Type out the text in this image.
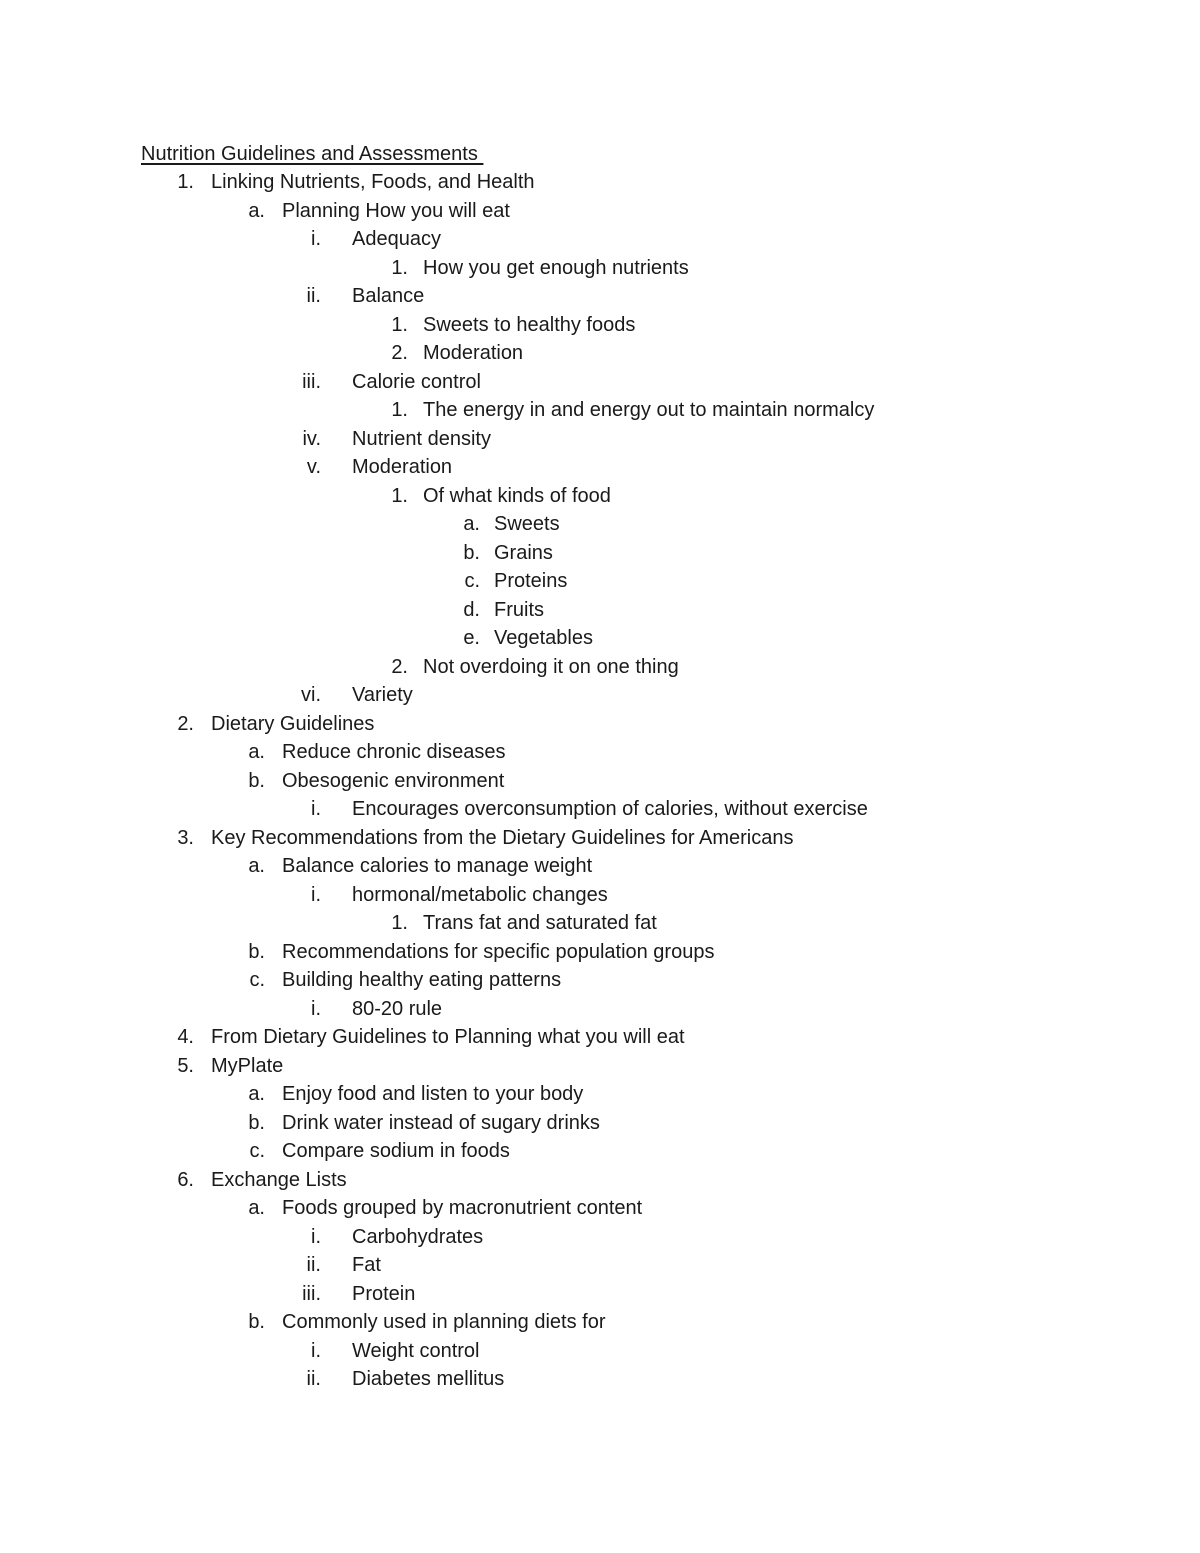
Nutrition Guidelines and Assessments
1. Linking Nutrients, Foods, and Health
a. Planning How you will eat
i. Adequacy
1. How you get enough nutrients
ii. Balance
1. Sweets to healthy foods
2. Moderation
iii. Calorie control
1. The energy in and energy out to maintain normalcy
iv. Nutrient density
v. Moderation
1. Of what kinds of food
a. Sweets
b. Grains
c. Proteins
d. Fruits
e. Vegetables
2. Not overdoing it on one thing
vi. Variety
2. Dietary Guidelines
a. Reduce chronic diseases
b. Obesogenic environment
i. Encourages overconsumption of calories, without exercise
3. Key Recommendations from the Dietary Guidelines for Americans
a. Balance calories to manage weight
i. hormonal/metabolic changes
1. Trans fat and saturated fat
b. Recommendations for specific population groups
c. Building healthy eating patterns
i. 80-20 rule
4. From Dietary Guidelines to Planning what you will eat
5. MyPlate
a. Enjoy food and listen to your body
b. Drink water instead of sugary drinks
c. Compare sodium in foods
6. Exchange Lists
a. Foods grouped by macronutrient content
i. Carbohydrates
ii. Fat
iii. Protein
b. Commonly used in planning diets for
i. Weight control
ii. Diabetes mellitus
